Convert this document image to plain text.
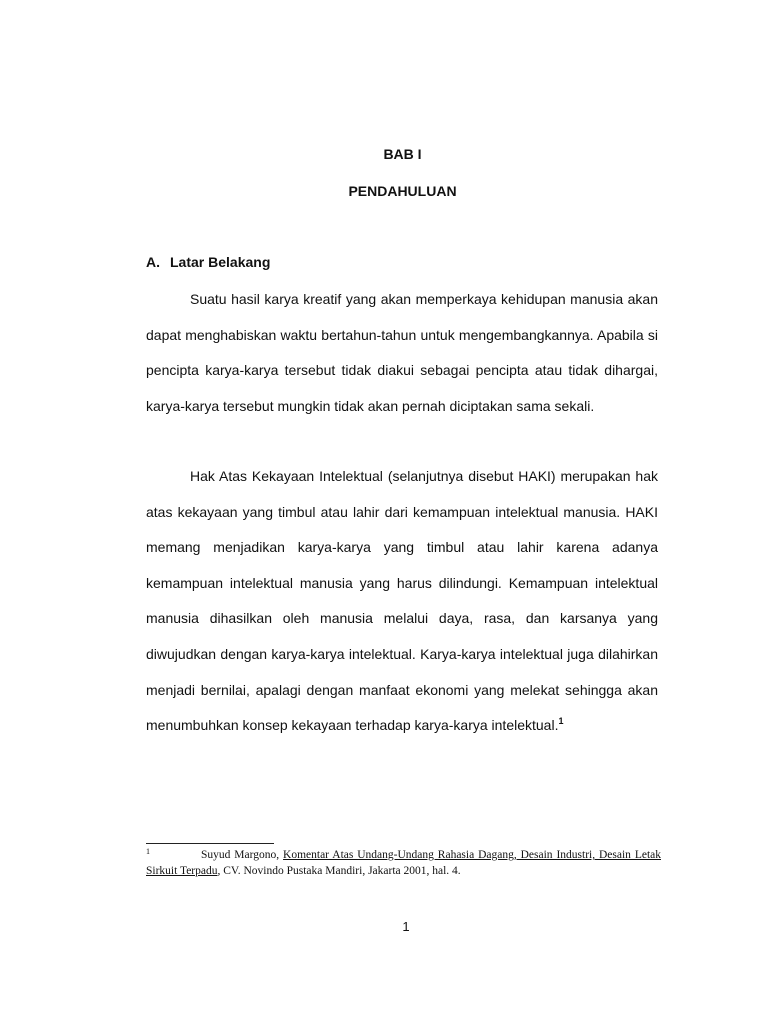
BAB I
PENDAHULUAN
A. Latar Belakang

Suatu hasil karya kreatif yang akan memperkaya kehidupan manusia akan dapat menghabiskan waktu bertahun-tahun untuk mengembangkannya. Apabila si pencipta karya-karya tersebut tidak diakui sebagai pencipta atau tidak dihargai, karya-karya tersebut mungkin tidak akan pernah diciptakan sama sekali.

Hak Atas Kekayaan Intelektual (selanjutnya disebut HAKI) merupakan hak atas kekayaan yang timbul atau lahir dari kemampuan intelektual manusia. HAKI memang menjadikan karya-karya yang timbul atau lahir karena adanya kemampuan intelektual manusia yang harus dilindungi. Kemampuan intelektual manusia dihasilkan oleh manusia melalui daya, rasa, dan karsanya yang diwujudkan dengan karya-karya intelektual. Karya-karya intelektual juga dilahirkan menjadi bernilai, apalagi dengan manfaat ekonomi yang melekat sehingga akan menumbuhkan konsep kekayaan terhadap karya-karya intelektual.$^1$

1	Suyud Margono, Komentar Atas Undang-Undang Rahasia Dagang, Desain Industri, Desain Letak Sirkuit Terpadu, CV. Novindo Pustaka Mandiri, Jakarta 2001, hal. 4.

1
